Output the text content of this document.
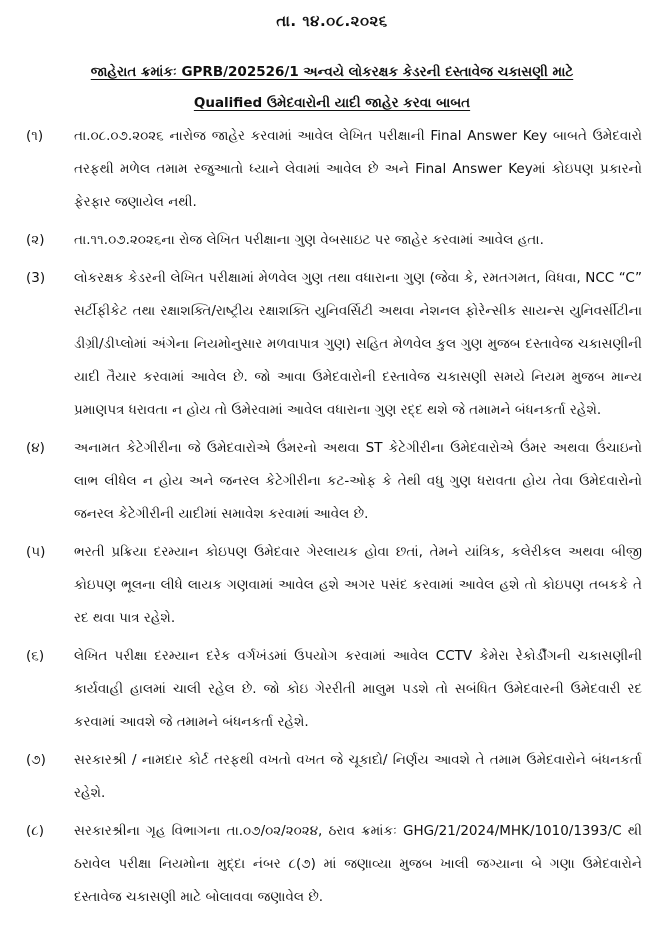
તા. ૧૪.૦૮.૨૦૨૬
જાહેરાત ક્રમાંકઃ GPRB/202526/1 અન્વયે લોકરક્ષક કેડરની દસ્તાવેજ ચકાસણી માટે
Qualified ઉમેદવારોની યાદી જાહેર કરવા બાબત
(૧)	તા.૦૮.૦૭.૨૦૨૬ નારોજ જાહેર કરવામાં આવેલ લેખિત પરીક્ષાની Final Answer Key બાબતે ઉમેદવારો તરફથી મળેલ તમામ રજુઆતો ધ્યાને લેવામાં આવેલ છે અને Final Answer Keyમાં કોઇપણ પ્રકારનો ફેરફાર જણાયેલ નથી.
(૨)	તા.૧૧.૦૭.૨૦૨૬ના રોજ લેખિત પરીક્ષાના ગુણ વેબસાઇટ પર જાહેર કરવામાં આવેલ હતા.
(3)	લોકરક્ષક કેડરની લેખિત પરીક્ષામાં મેળવેલ ગુણ તથા વધારાના ગુણ (જેવા કે, રમતગમત, વિધવા, NCC “C” સર્ટીફીકેટ તથા રક્ષાશક્તિ/રાષ્ટ્રીય રક્ષાશક્તિ યુનિવર્સિટી અથવા નેશનલ ફોરેન્સીક સાયન્સ યુનિવર્સીટીના ડીગ્રી/ડીપ્લોમાં અંગેના નિયમોનુસાર મળવાપાત્ર ગુણ) સહિત મેળવેલ કુલ ગુણ મુજબ દસ્તાવેજ ચકાસણીની યાદી તૈયાર કરવામાં આવેલ છે. જો આવા ઉમેદવારોની દસ્તાવેજ ચકાસણી સમયે નિયમ મુજબ માન્ય પ્રમાણપત્ર ધરાવતા ન હોય તો ઉમેરવામાં આવેલ વધારાના ગુણ રદ્દ થશે જે તમામને બંધનકર્તા રહેશે.
(૪)	અનામત કેટેગીરીના જે ઉમેદવારોએ ઉંમરનો અથવા ST કેટેગીરીના ઉમેદવારોએ ઉંમર અથવા ઉંચાઇનો લાભ લીધેલ ન હોય અને જનરલ કેટેગીરીના કટ-ઓફ કે તેથી વધુ ગુણ ધરાવતા હોય તેવા ઉમેદવારોનો જનરલ કેટેગીરીની યાદીમાં સમાવેશ કરવામાં આવેલ છે.
(૫)	ભરતી પ્રક્રિયા દરમ્યાન કોઇપણ ઉમેદવાર ગેરલાયક હોવા છતાં, તેમને યાંત્રિક, કલેરીકલ અથવા બીજી કોઇપણ ભૂલના લીધે લાયક ગણવામાં આવેલ હશે અગર પસંદ કરવામાં આવેલ હશે તો કોઇપણ તબકકે તે રદ થવા પાત્ર રહેશે.
(૬)	લેખિત પરીક્ષા દરમ્યાન દરેક વર્ગખંડમાં ઉપયોગ કરવામાં આવેલ CCTV કેમેરા રેકોર્ડીંગની ચકાસણીની કાર્યવાહી હાલમાં ચાલી રહેલ છે. જો કોઇ ગેરરીતી માલુમ પડશે તો સબંધિત ઉમેદવારની ઉમેદવારી રદ કરવામાં આવશે જે તમામને બંધનકર્તા રહેશે.
(૭)	સરકારશ્રી / નામદાર કોર્ટ તરફથી વખતો વખત જે ચૂકાદો/ નિર્ણય આવશે તે તમામ ઉમેદવારોને બંધનકર્તા રહેશે.
(૮)	સરકારશ્રીના ગૃહ વિભાગના તા.૦૭/૦૨/૨૦૨૪, ઠરાવ ક્રમાંકઃ GHG/21/2024/MHK/1010/1393/C થી ઠરાવેલ પરીક્ષા નિયમોના મુદ્દા નંબર ૮(૭) માં જણાવ્યા મુજબ ખાલી જગ્યાના બે ગણા ઉમેદવારોને દસ્તાવેજ ચકાસણી માટે બોલાવવા જણાવેલ છે.
